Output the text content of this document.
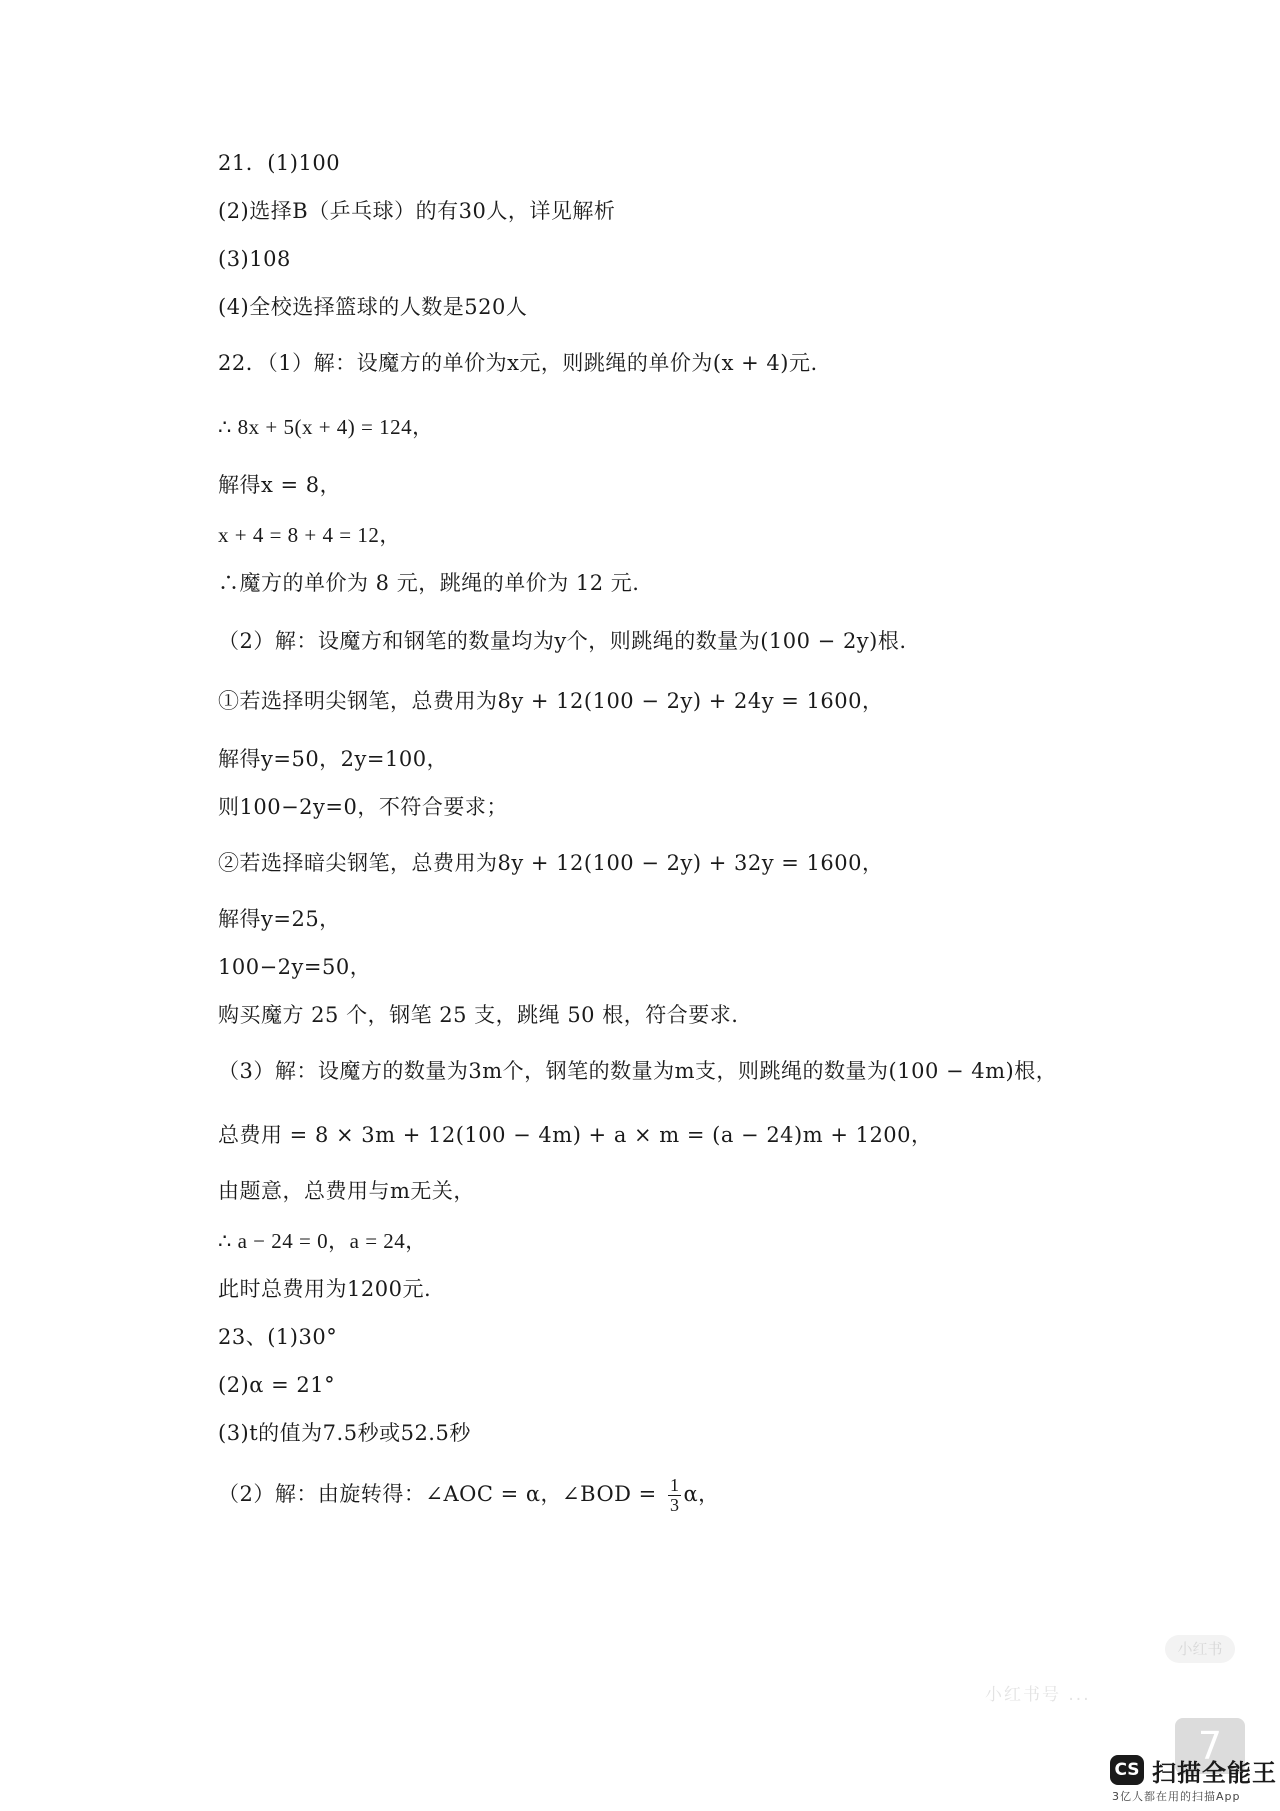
21．(1)100
(2)选择B（乒乓球）的有30人，详见解析
(3)108
(4)全校选择篮球的人数是520人
22．（1）解：设魔方的单价为x元，则跳绳的单价为(x + 4)元.
∴ 8x + 5(x + 4) = 124，
解得x = 8，
x + 4 = 8 + 4 = 12，
∴魔方的单价为 8 元，跳绳的单价为 12 元.
（2）解：设魔方和钢笔的数量均为y个，则跳绳的数量为(100 − 2y)根.
①若选择明尖钢笔，总费用为8y + 12(100 − 2y) + 24y = 1600，
解得y=50，2y=100，
则100−2y=0，不符合要求；
②若选择暗尖钢笔，总费用为8y + 12(100 − 2y) + 32y = 1600，
解得y=25，
100−2y=50，
购买魔方 25 个，钢笔 25 支，跳绳 50 根，符合要求.
（3）解：设魔方的数量为3m个，钢笔的数量为m支，则跳绳的数量为(100 − 4m)根，
总费用 = 8 × 3m + 12(100 − 4m) + a × m = (a − 24)m + 1200，
由题意，总费用与m无关，
∴ a − 24 = 0，a = 24，
此时总费用为1200元.
23、(1)30°
(2)α = 21°
(3)t的值为7.5秒或52.5秒
（2）解：由旋转得：∠AOC = α，∠BOD = $\frac{1}{3}$ α，
小红书
小红书号 ...
7
CS 扫描全能王
3亿人都在用的扫描App
